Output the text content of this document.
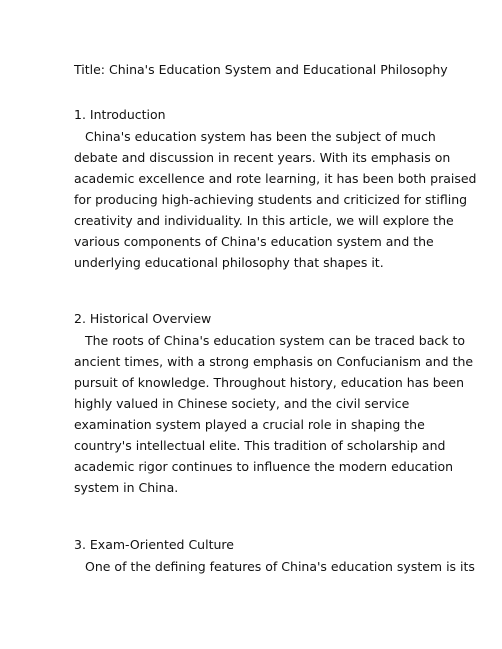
Title: China's Education System and Educational Philosophy
1. Introduction
China's education system has been the subject of much
debate and discussion in recent years. With its emphasis on
academic excellence and rote learning, it has been both praised
for producing high-achieving students and criticized for stifling
creativity and individuality. In this article, we will explore the
various components of China's education system and the
underlying educational philosophy that shapes it.
2. Historical Overview
The roots of China's education system can be traced back to
ancient times, with a strong emphasis on Confucianism and the
pursuit of knowledge. Throughout history, education has been
highly valued in Chinese society, and the civil service
examination system played a crucial role in shaping the
country's intellectual elite. This tradition of scholarship and
academic rigor continues to influence the modern education
system in China.
3. Exam-Oriented Culture
One of the defining features of China's education system is its
